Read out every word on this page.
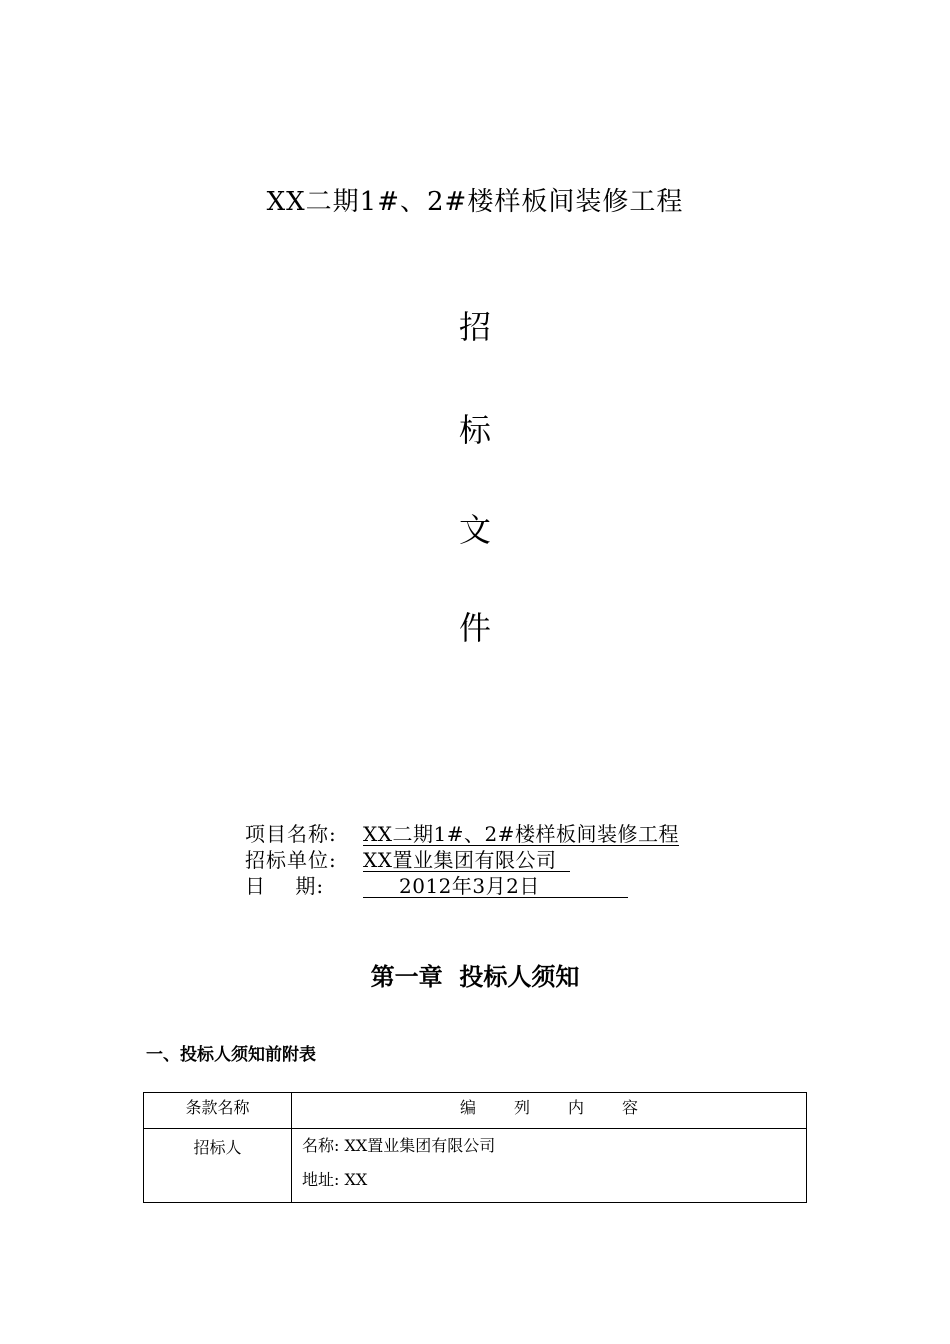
XX二期1#、2#楼样板间装修工程
招
标
文
件
项目名称: XX二期1#、2#楼样板间装修工程
招标单位: XX置业集团有限公司
日    期:	2012年3月2日
第一章  投标人须知
一、投标人须知前附表
条款名称	编 列 内 容
招标人	名称: XX置业集团有限公司
地址: XX
